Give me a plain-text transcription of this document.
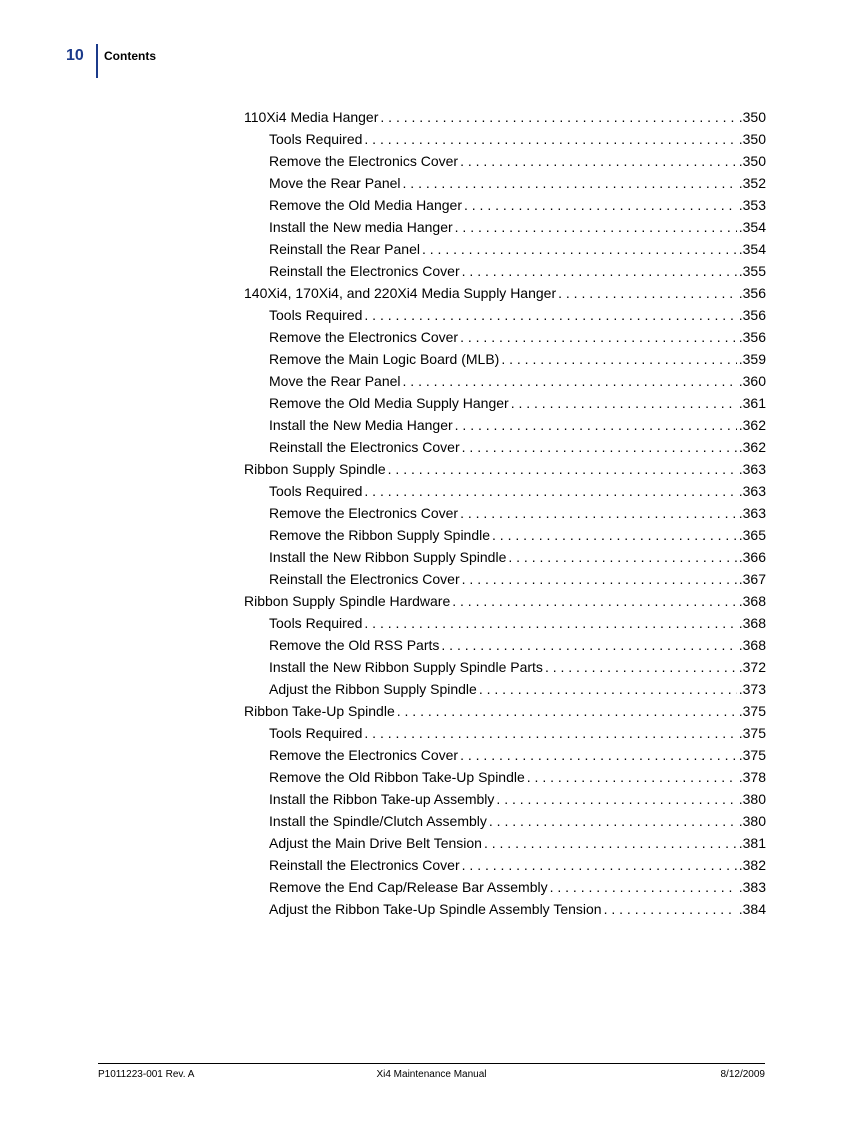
10 Contents
110Xi4 Media Hanger . . .	.350
Tools Required . . .	.350
Remove the Electronics Cover . . .	.350
Move the Rear Panel . . .	.352
Remove the Old Media Hanger . . .	.353
Install the New media Hanger . . .	.354
Reinstall the Rear Panel . . .	.354
Reinstall the Electronics Cover . . .	.355
140Xi4, 170Xi4, and 220Xi4 Media Supply Hanger . . .	.356
Tools Required . . .	.356
Remove the Electronics Cover . . .	.356
Remove the Main Logic Board (MLB) . . .	.359
Move the Rear Panel . . .	.360
Remove the Old Media Supply Hanger . . .	.361
Install the New Media Hanger . . .	.362
Reinstall the Electronics Cover . . .	.362
Ribbon Supply Spindle . . .	.363
Tools Required . . .	.363
Remove the Electronics Cover . . .	.363
Remove the Ribbon Supply Spindle . . .	.365
Install the New Ribbon Supply Spindle . . .	.366
Reinstall the Electronics Cover . . .	.367
Ribbon Supply Spindle Hardware . . .	.368
Tools Required . . .	.368
Remove the Old RSS Parts . . .	.368
Install the New Ribbon Supply Spindle Parts . . .	.372
Adjust the Ribbon Supply Spindle . . .	.373
Ribbon Take-Up Spindle . . .	.375
Tools Required . . .	.375
Remove the Electronics Cover . . .	.375
Remove the Old Ribbon Take-Up Spindle . . .	.378
Install the Ribbon Take-up Assembly . . .	.380
Install the Spindle/Clutch Assembly . . .	.380
Adjust the Main Drive Belt Tension . . .	.381
Reinstall the Electronics Cover . . .	.382
Remove the End Cap/Release Bar Assembly . . .	.383
Adjust the Ribbon Take-Up Spindle Assembly Tension . . .	.384
P1011223-001 Rev. A	Xi4 Maintenance Manual	8/12/2009
